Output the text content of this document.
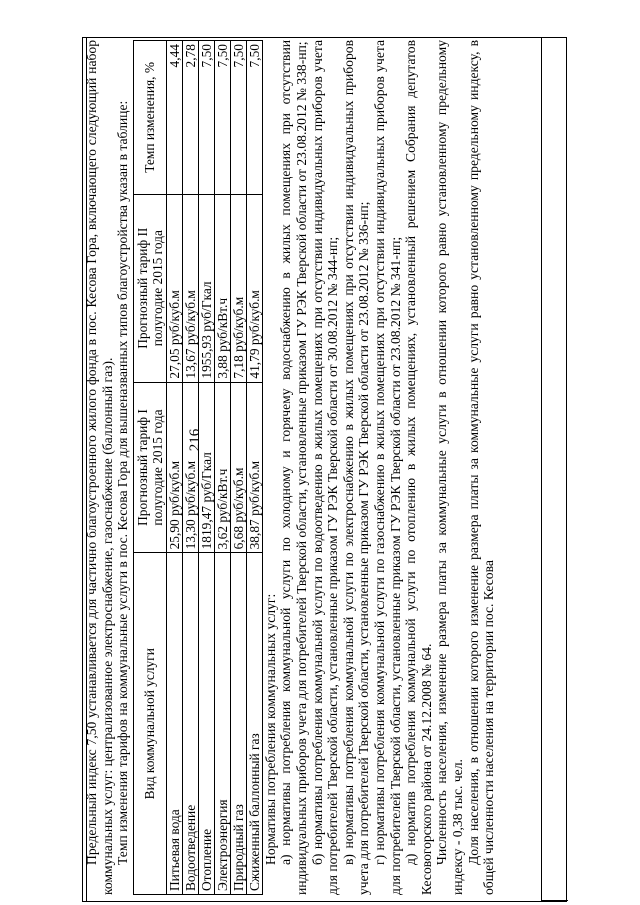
216

Предельный индекс 7,50 устанавливается для частично благоустроенного жилого фонда в пос. Кесова Гора, включающего следующий набор коммунальных услуг: централизованное электроснабжение, газоснабжение (баллонный газ). Темп изменения тарифов на коммунальные услуги в пос. Кесова Гора для вышеназванных типов благоустройства указан в таблице: Вид коммунальной услуги	Прогнозный тариф I полугодие 2015 года	Прогнозный тариф II полугодие 2015 года	Темп изменения, %
Питьевая вода	25,90 руб/куб.м	27,05 руб/куб.м	4,44
Водоотведение	13,30 руб/куб.м	13,67 руб/куб.м	2,78
Отопление	1819,47 руб/Гкал	1955,93 руб/Гкал	7,50
Электроэнергия	3,62 руб/кВт.ч	3,88 руб/кВт.ч	7,50
Природный газ	6,68 руб/куб.м	7,18 руб/куб.м	7,50
Сжиженный баллонный газ	38,87 руб/куб.м	41,79 руб/куб.м	7,50

Нормативы потребления коммунальных услуг: а) нормативы потребления коммунальной услуги по холодному и горячему водоснабжению в жилых помещениях при отсутствии индивидуальных приборов учета для потребителей Тверской области, установленные приказом ГУ РЭК Тверской области от 23.08.2012 № 338-нп; б) нормативы потребления коммунальной услуги по водоотведению в жилых помещениях при отсутствии индивидуальных приборов учета для потребителей Тверской области, установленные приказом ГУ РЭК Тверской области от 30.08.2012 № 344-нп; в) нормативы потребления коммунальной услуги по электроснабжению в жилых помещениях при отсутствии индивидуальных приборов учета для потребителей Тверской области, установленные приказом ГУ РЭК Тверской области от 23.08.2012 № 336-нп; г) нормативы потребления коммунальной услуги по газоснабжению в жилых помещениях при отсутствии индивидуальных приборов учета для потребителей Тверской области, установленные приказом ГУ РЭК Тверской области от 23.08.2012 № 341-нп; д) норматив потребления коммунальной услуги по отоплению в жилых помещениях, установленный решением Собрания депутатов Кесовогорского района от 24.12.2008 № 64. Численность населения, изменение размера платы за коммунальные услуги в отношении которого равно установленному предельному индексу - 0,38 тыс. чел. Доля населения, в отношении которого изменение размера платы за коммунальные услуги равно установленному предельному индексу, в общей численности населения на территории пос. Кесова
